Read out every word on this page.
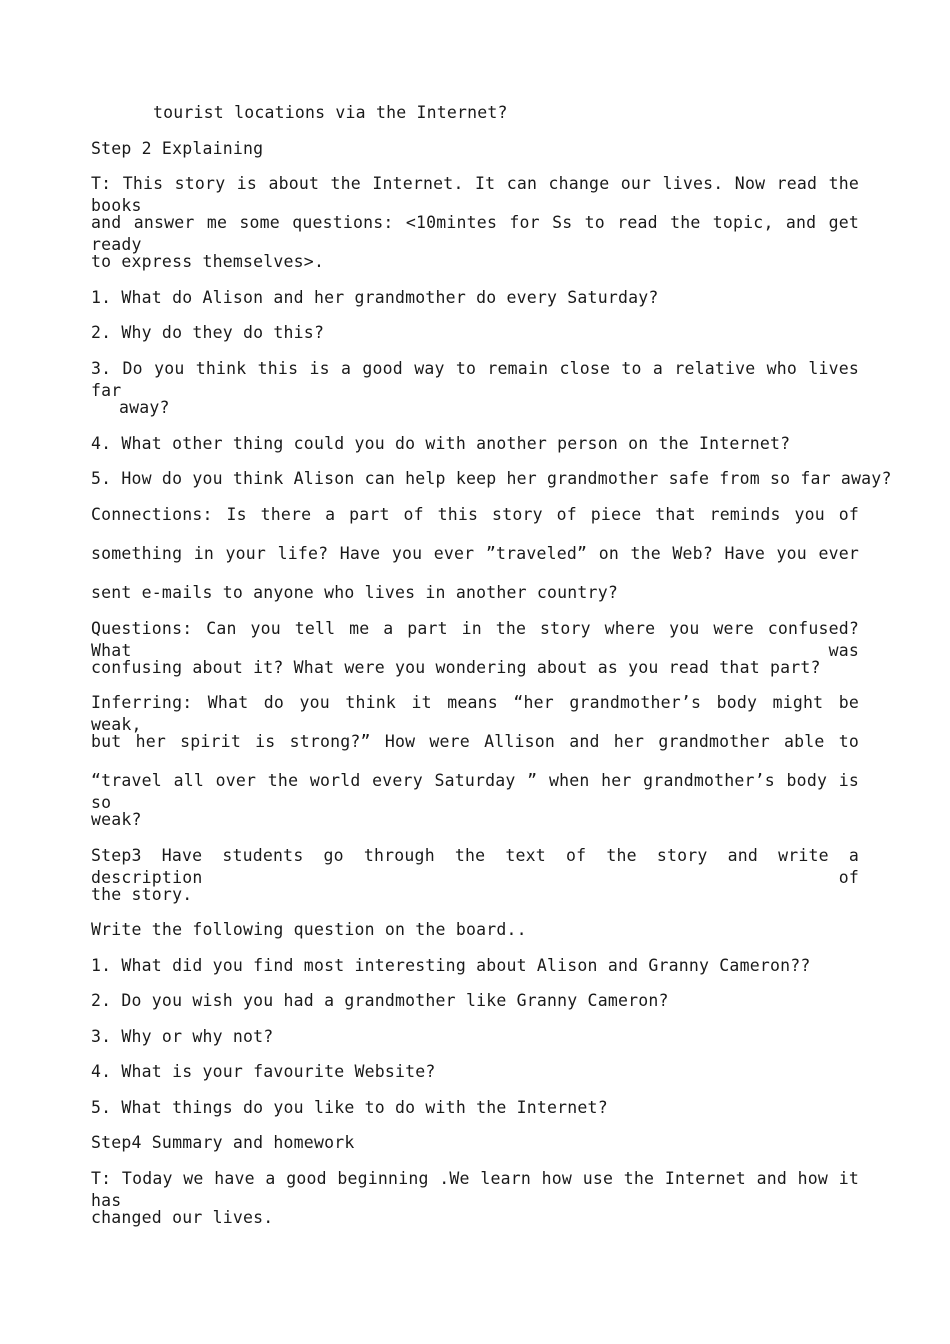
tourist locations via the Internet?

Step 2 Explaining

T: This story is about the Internet. It can change our lives. Now read the books

and answer me some questions: <10mintes for Ss to read the topic, and get ready

to express themselves>.

1. What do Alison and her grandmother do every Saturday?

2. Why do they do this?

3. Do you think this is a good way to remain close to a relative who lives far

away?

4. What other thing could you do with another person on the Internet?

5. How do you think Alison can help keep her grandmother safe from so far away?

Connections: Is there a part of this story of piece that reminds you of

something in your life? Have you ever ”traveled” on the Web? Have you ever

sent e-mails to anyone who lives in another country?

Questions: Can you tell me a part in the story where you were confused? What was

confusing about it? What were you wondering about as you read that part?

Inferring: What do you think it means “her grandmother’s body might be weak,

but her spirit is strong?” How were Allison and her grandmother able to

“travel all over the world every Saturday ” when her grandmother’s body is so

weak?

Step3 Have students go through the text of the story and write a description of

the story.

Write the following question on the board..

1. What did you find most interesting about Alison and Granny Cameron??

2. Do you wish you had a grandmother like Granny Cameron?

3. Why or why not?

4. What is your favourite Website?

5. What things do you like to do with the Internet?

Step4 Summary and homework

T: Today we have a good beginning .We learn how use the Internet and how it has

changed our lives.
